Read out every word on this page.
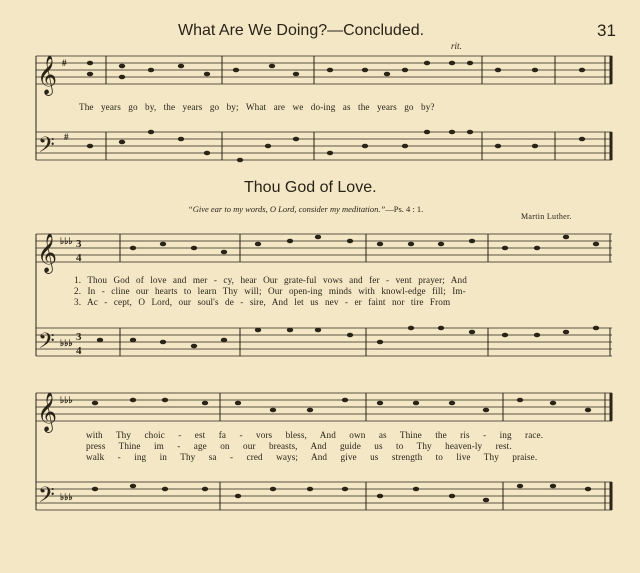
𝄞 #
𝄢 #
𝄞 ♭♭♭ 3
4
𝄢 ♭♭♭ 3
4
𝄞 ♭♭♭
𝄢 ♭♭♭
What Are We Doing?—Concluded.	31
rit.
The years go by, the years go by; What are we do-ing as the years go by?
Thou God of Love.
“Give ear to my words, O Lord, consider my meditation.”—Ps. 4 : 1.
Martin Luther.
1. Thou God of love and mer - cy, hear Our grate-ful vows and fer - vent prayer; And
2. In - cline our hearts to learn Thy will; Our open-ing minds with knowl-edge fill; Im-
3. Ac - cept, O Lord, our soul's de - sire, And let us nev - er faint nor tire From
with Thy choic - est fa - vors bless, And own as Thine the ris - ing race.
press Thine im - age on our breasts, And guide us to Thy heaven-ly rest.
walk - ing in Thy sa - cred ways; And give us strength to live Thy praise.
